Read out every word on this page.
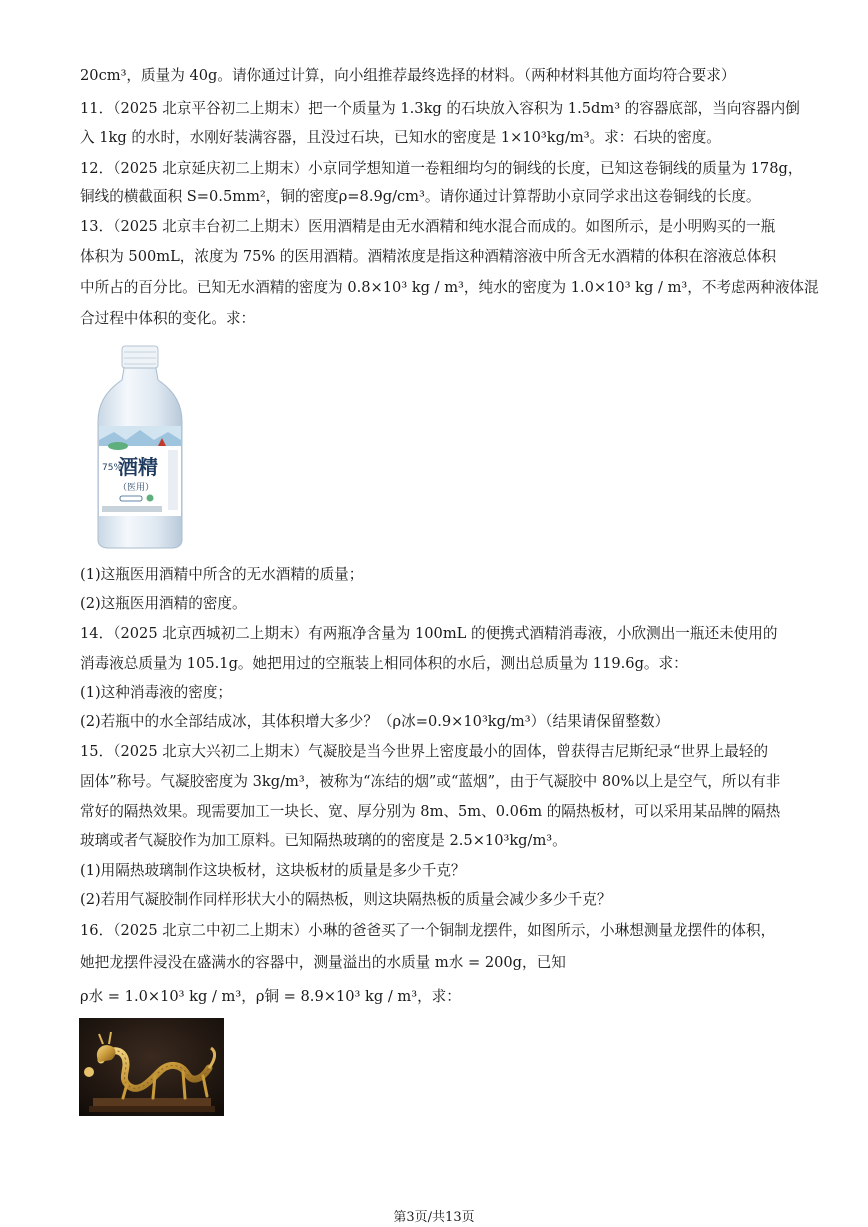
20cm³，质量为 40g。请你通过计算，向小组推荐最终选择的材料。（两种材料其他方面均符合要求）
11．（2025 北京平谷初二上期末）把一个质量为 1.3kg 的石块放入容积为 1.5dm³ 的容器底部，当向容器内倒
入 1kg 的水时，水刚好装满容器，且没过石块，已知水的密度是 1×10³kg/m³。求：石块的密度。
12．（2025 北京延庆初二上期末）小京同学想知道一卷粗细均匀的铜线的长度，已知这卷铜线的质量为 178g，
铜线的横截面积 S=0.5mm²，铜的密度ρ=8.9g/cm³。请你通过计算帮助小京同学求出这卷铜线的长度。
13．（2025 北京丰台初二上期末）医用酒精是由无水酒精和纯水混合而成的。如图所示，是小明购买的一瓶
体积为 500mL，浓度为 75% 的医用酒精。酒精浓度是指这种酒精溶液中所含无水酒精的体积在溶液总体积
中所占的百分比。已知无水酒精的密度为 0.8×10³ kg / m³，纯水的密度为 1.0×10³ kg / m³，不考虑两种液体混
合过程中体积的变化。求：
75%
酒精
（医用）
(1)这瓶医用酒精中所含的无水酒精的质量；
(2)这瓶医用酒精的密度。
14．（2025 北京西城初二上期末）有两瓶净含量为 100mL 的便携式酒精消毒液，小欣测出一瓶还未使用的
消毒液总质量为 105.1g。她把用过的空瓶装上相同体积的水后，测出总质量为 119.6g。求：
(1)这种消毒液的密度；
(2)若瓶中的水全部结成冰，其体积增大多少？（ρ冰=0.9×10³kg/m³）（结果请保留整数）
15．（2025 北京大兴初二上期末）气凝胶是当今世界上密度最小的固体，曾获得吉尼斯纪录“世界上最轻的
固体”称号。气凝胶密度为 3kg/m³，被称为“冻结的烟”或“蓝烟”，由于气凝胶中 80%以上是空气，所以有非
常好的隔热效果。现需要加工一块长、宽、厚分别为 8m、5m、0.06m 的隔热板材，可以采用某品牌的隔热
玻璃或者气凝胶作为加工原料。已知隔热玻璃的的密度是 2.5×10³kg/m³。
(1)用隔热玻璃制作这块板材，这块板材的质量是多少千克？
(2)若用气凝胶制作同样形状大小的隔热板，则这块隔热板的质量会减少多少千克？
16．（2025 北京二中初二上期末）小琳的爸爸买了一个铜制龙摆件，如图所示，小琳想测量龙摆件的体积，
她把龙摆件浸没在盛满水的容器中，测量溢出的水质量 m水 = 200g，已知
ρ水 = 1.0×10³ kg / m³，ρ铜 = 8.9×10³ kg / m³，求：
第3页/共13页
